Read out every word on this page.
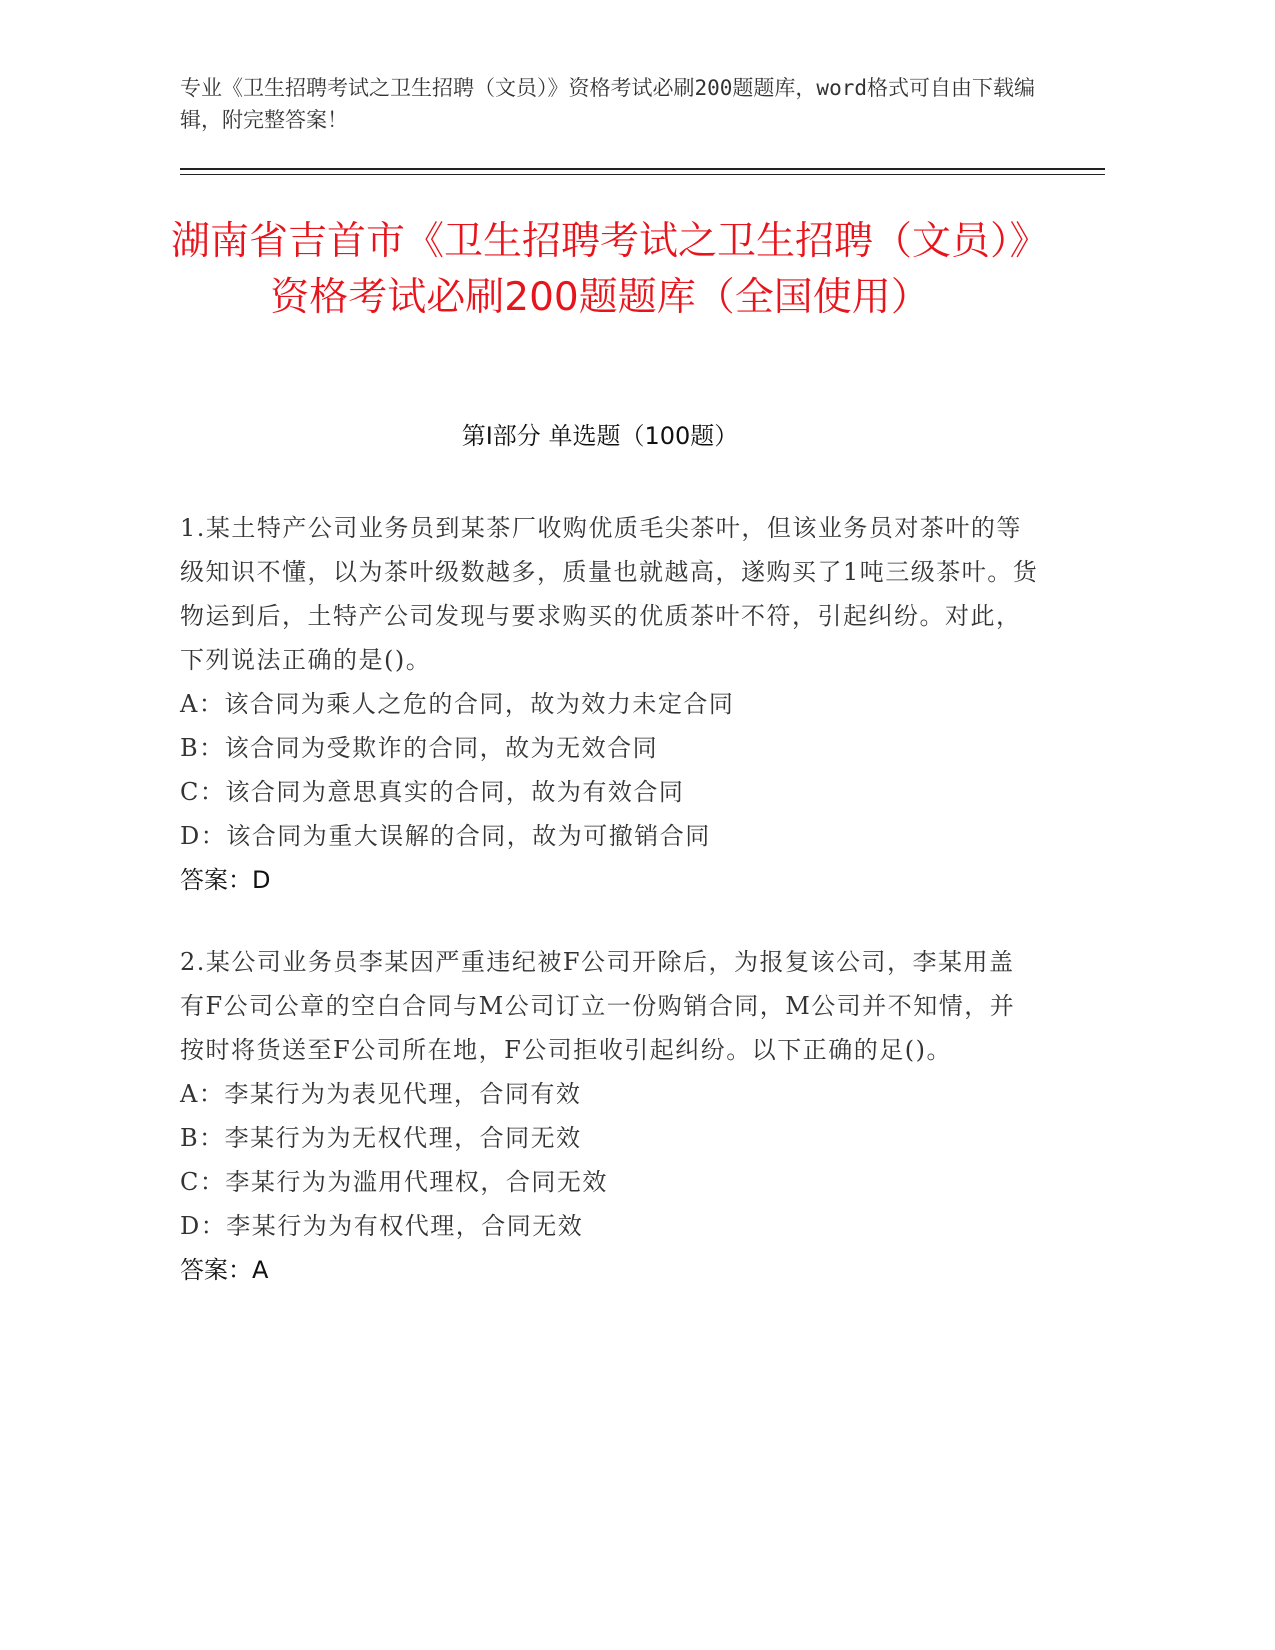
专业《卫生招聘考试之卫生招聘（文员）》资格考试必刷200题题库，word格式可自由下载编辑，附完整答案！
湖南省吉首市《卫生招聘考试之卫生招聘（文员）》资格考试必刷200题题库（全国使用）
第Ⅰ部分 单选题（100题）
1.某土特产公司业务员到某茶厂收购优质毛尖茶叶，但该业务员对茶叶的等级知识不懂，以为茶叶级数越多，质量也就越高，遂购买了1吨三级茶叶。货物运到后，土特产公司发现与要求购买的优质茶叶不符，引起纠纷。对此，下列说法正确的是()。
A：该合同为乘人之危的合同，故为效力未定合同
B：该合同为受欺诈的合同，故为无效合同
C：该合同为意思真实的合同，故为有效合同
D：该合同为重大误解的合同，故为可撤销合同
答案：D
2.某公司业务员李某因严重违纪被F公司开除后，为报复该公司，李某用盖有F公司公章的空白合同与M公司订立一份购销合同，M公司并不知情，并按时将货送至F公司所在地，F公司拒收引起纠纷。以下正确的足()。
A：李某行为为表见代理，合同有效
B：李某行为为无权代理，合同无效
C：李某行为为滥用代理权，合同无效
D：李某行为为有权代理，合同无效
答案：A
